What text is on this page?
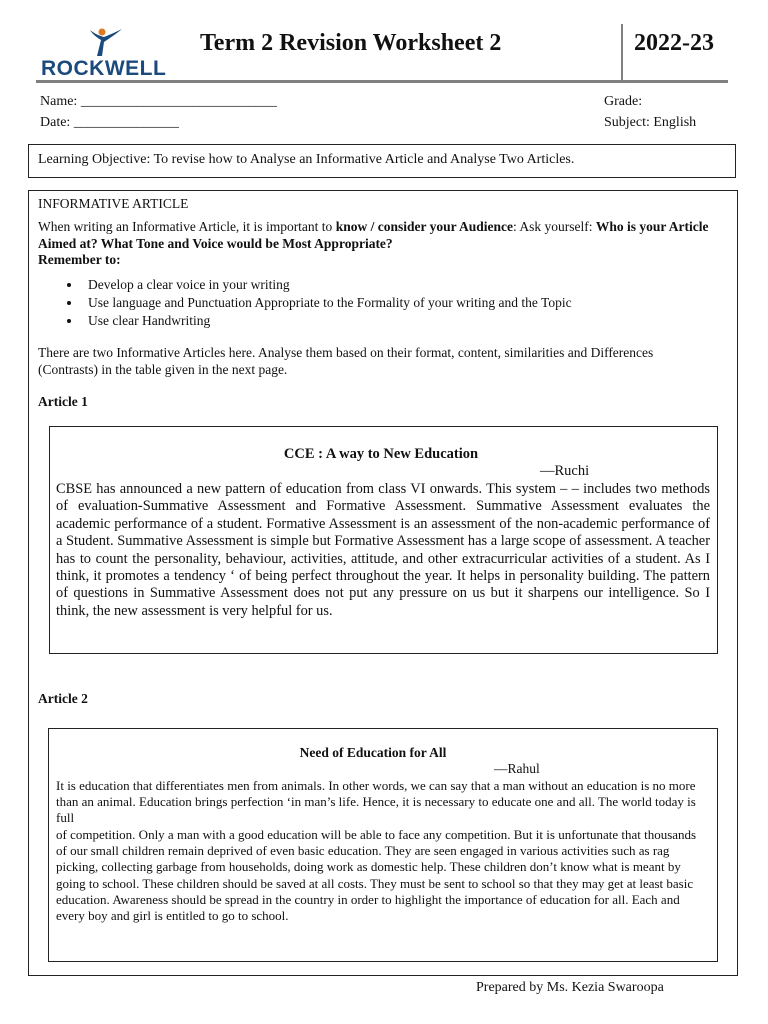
ROCKWELL
Term 2 Revision Worksheet 2	2022-23
Name: ____________________________
Date: _______________
Grade:
Subject: English
Learning Objective: To revise how to Analyse an Informative Article and Analyse Two Articles.
INFORMATIVE ARTICLE
When writing an Informative Article, it is important to know / consider your Audience: Ask yourself: Who is your Article Aimed at? What Tone and Voice would be Most Appropriate?
Remember to:
• Develop a clear voice in your writing
• Use language and Punctuation Appropriate to the Formality of your writing and the Topic
• Use clear Handwriting
There are two Informative Articles here. Analyse them based on their format, content, similarities and Differences (Contrasts) in the table given in the next page.
Article 1
CCE : A way to New Education
—Ruchi
CBSE has announced a new pattern of education from class VI onwards. This system – – includes two methods of evaluation-Summative Assessment and Formative Assessment. Summative Assessment evaluates the academic performance of a student. Formative Assessment is an assessment of the non-academic performance of a Student. Summative Assessment is simple but Formative Assessment has a large scope of assessment. A teacher has to count the personality, behaviour, activities, attitude, and other extracurricular activities of a student. As I think, it promotes a tendency ‘ of being perfect throughout the year. It helps in personality building. The pattern of questions in Summative Assessment does not put any pressure on us but it sharpens our intelligence. So I think, the new assessment is very helpful for us.
Article 2
Need of Education for All
—Rahul
It is education that differentiates men from animals. In other words, we can say that a man without an education is no more than an animal. Education brings perfection ‘in man’s life. Hence, it is necessary to educate one and all. The world today is full
of competition. Only a man with a good education will be able to face any competition. But it is unfortunate that thousands of our small children remain deprived of even basic education. They are seen engaged in various activities such as rag picking, collecting garbage from households, doing work as domestic help. These children don’t know what is meant by going to school. These children should be saved at all costs. They must be sent to school so that they may get at least basic education. Awareness should be spread in the country in order to highlight the importance of education for all. Each and every boy and girl is entitled to go to school.
Prepared by Ms. Kezia Swaroopa
